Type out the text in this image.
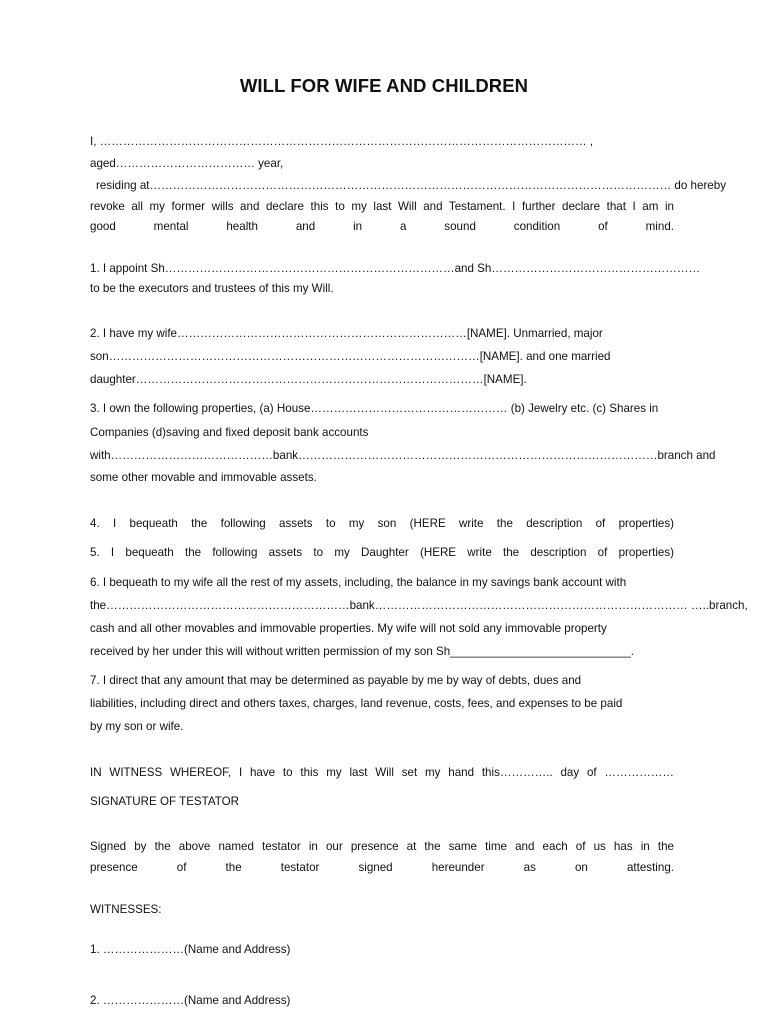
WILL FOR WIFE AND CHILDREN
I, ……………………………………………………………………………………………………………… ,
aged……………………………… year,
residing at……………………………………………………………………………………………………………………… do hereby
revoke all my former wills and declare this to my last Will and Testament. I further declare that I am in
good mental health and in a sound condition of mind.
1. I appoint Sh…………………………………………………………………and Sh………………………………………………
to be the executors and trustees of this my Will.
2. I have my wife…………………………………………………………………[NAME]. Unmarried, major
son……………………………………………………………………………………[NAME]. and one married
daughter………………………………………………………………………………[NAME].
3. I own the following properties, (a) House…………………………………………… (b) Jewelry etc. (c) Shares in
Companies (d)saving and fixed deposit bank accounts
with……………………………………bank…………………………………………………………………………………branch and
some other movable and immovable assets.
4. I bequeath the following assets to my son (HERE write the description of properties)
5. I bequeath the following assets to my Daughter (HERE write the description of properties)
6. I bequeath to my wife all the rest of my assets, including, the balance in my savings bank account with
the………………………………………………………bank……………………………………………………………………… …..branch,
cash and all other movables and immovable properties. My wife will not sold any immovable property
received by her under this will without written permission of my son Sh____________________________.
7. I direct that any amount that may be determined as payable by me by way of debts, dues and
liabilities, including direct and others taxes, charges, land revenue, costs, fees, and expenses to be paid
by my son or wife.
IN WITNESS WHEREOF, I have to this my last Will set my hand this………….. day of ………………
SIGNATURE OF TESTATOR
Signed by the above named testator in our presence at the same time and each of us has in the
presence of the testator signed hereunder as on attesting.
WITNESSES:
1. …………………(Name and Address)
2. …………………(Name and Address)
